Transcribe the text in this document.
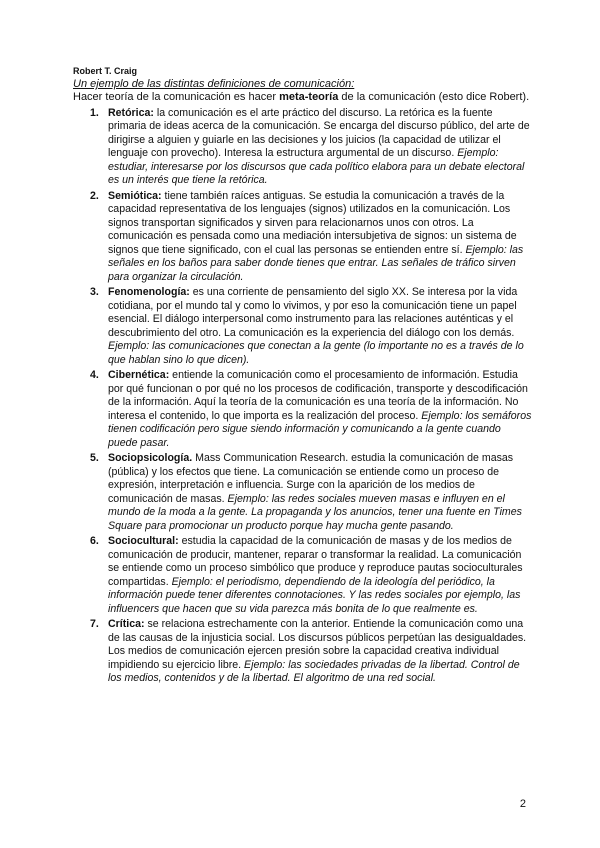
Robert T. Craig
Un ejemplo de las distintas definiciones de comunicación:
Hacer teoría de la comunicación es hacer meta-teoría de la comunicación (esto dice Robert).
1. Retórica: la comunicación es el arte práctico del discurso. La retórica es la fuente primaria de ideas acerca de la comunicación. Se encarga del discurso público, del arte de dirigirse a alguien y guiarle en las decisiones y los juicios (la capacidad de utilizar el lenguaje con provecho). Interesa la estructura argumental de un discurso. Ejemplo: estudiar, interesarse por los discursos que cada político elabora para un debate electoral es un interés que tiene la retórica.
2. Semiótica: tiene también raíces antiguas. Se estudia la comunicación a través de la capacidad representativa de los lenguajes (signos) utilizados en la comunicación. Los signos transportan significados y sirven para relacionarnos unos con otros. La comunicación es pensada como una mediación intersubjetiva de signos: un sistema de signos que tiene significado, con el cual las personas se entienden entre sí. Ejemplo: las señales en los baños para saber donde tienes que entrar. Las señales de tráfico sirven para organizar la circulación.
3. Fenomenología: es una corriente de pensamiento del siglo XX. Se interesa por la vida cotidiana, por el mundo tal y como lo vivimos, y por eso la comunicación tiene un papel esencial. El diálogo interpersonal como instrumento para las relaciones auténticas y el descubrimiento del otro. La comunicación es la experiencia del diálogo con los demás. Ejemplo: las comunicaciones que conectan a la gente (lo importante no es a través de lo que hablan sino lo que dicen).
4. Cibernética: entiende la comunicación como el procesamiento de información. Estudia por qué funcionan o por qué no los procesos de codificación, transporte y descodificación de la información. Aquí la teoría de la comunicación es una teoría de la información. No interesa el contenido, lo que importa es la realización del proceso. Ejemplo: los semáforos tienen codificación pero sigue siendo información y comunicando a la gente cuando puede pasar.
5. Sociopsicología. Mass Communication Research. estudia la comunicación de masas (pública) y los efectos que tiene. La comunicación se entiende como un proceso de expresión, interpretación e influencia. Surge con la aparición de los medios de comunicación de masas. Ejemplo: las redes sociales mueven masas e influyen en el mundo de la moda a la gente. La propaganda y los anuncios, tener una fuente en Times Square para promocionar un producto porque hay mucha gente pasando.
6. Sociocultural: estudia la capacidad de la comunicación de masas y de los medios de comunicación de producir, mantener, reparar o transformar la realidad. La comunicación se entiende como un proceso simbólico que produce y reproduce pautas socioculturales compartidas. Ejemplo: el periodismo, dependiendo de la ideología del periódico, la información puede tener diferentes connotaciones. Y las redes sociales por ejemplo, las influencers que hacen que su vida parezca más bonita de lo que realmente es.
7. Crítica: se relaciona estrechamente con la anterior. Entiende la comunicación como una de las causas de la injusticia social. Los discursos públicos perpetúan las desigualdades. Los medios de comunicación ejercen presión sobre la capacidad creativa individual impidiendo su ejercicio libre. Ejemplo: las sociedades privadas de la libertad. Control de los medios, contenidos y de la libertad. El algoritmo de una red social.
2
